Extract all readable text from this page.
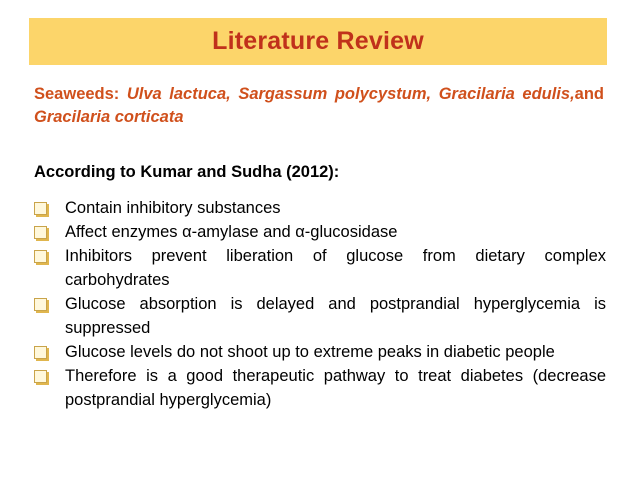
Literature Review
Seaweeds: Ulva lactuca, Sargassum polycystum, Gracilaria edulis,and Gracilaria corticata
According to Kumar and Sudha (2012):
Contain inhibitory substances
Affect enzymes α-amylase and α-glucosidase
Inhibitors prevent liberation of glucose from dietary complex carbohydrates
Glucose absorption is delayed and postprandial hyperglycemia is suppressed
Glucose levels do not shoot up to extreme peaks in diabetic people
Therefore is a good therapeutic pathway to treat diabetes (decrease postprandial hyperglycemia)
